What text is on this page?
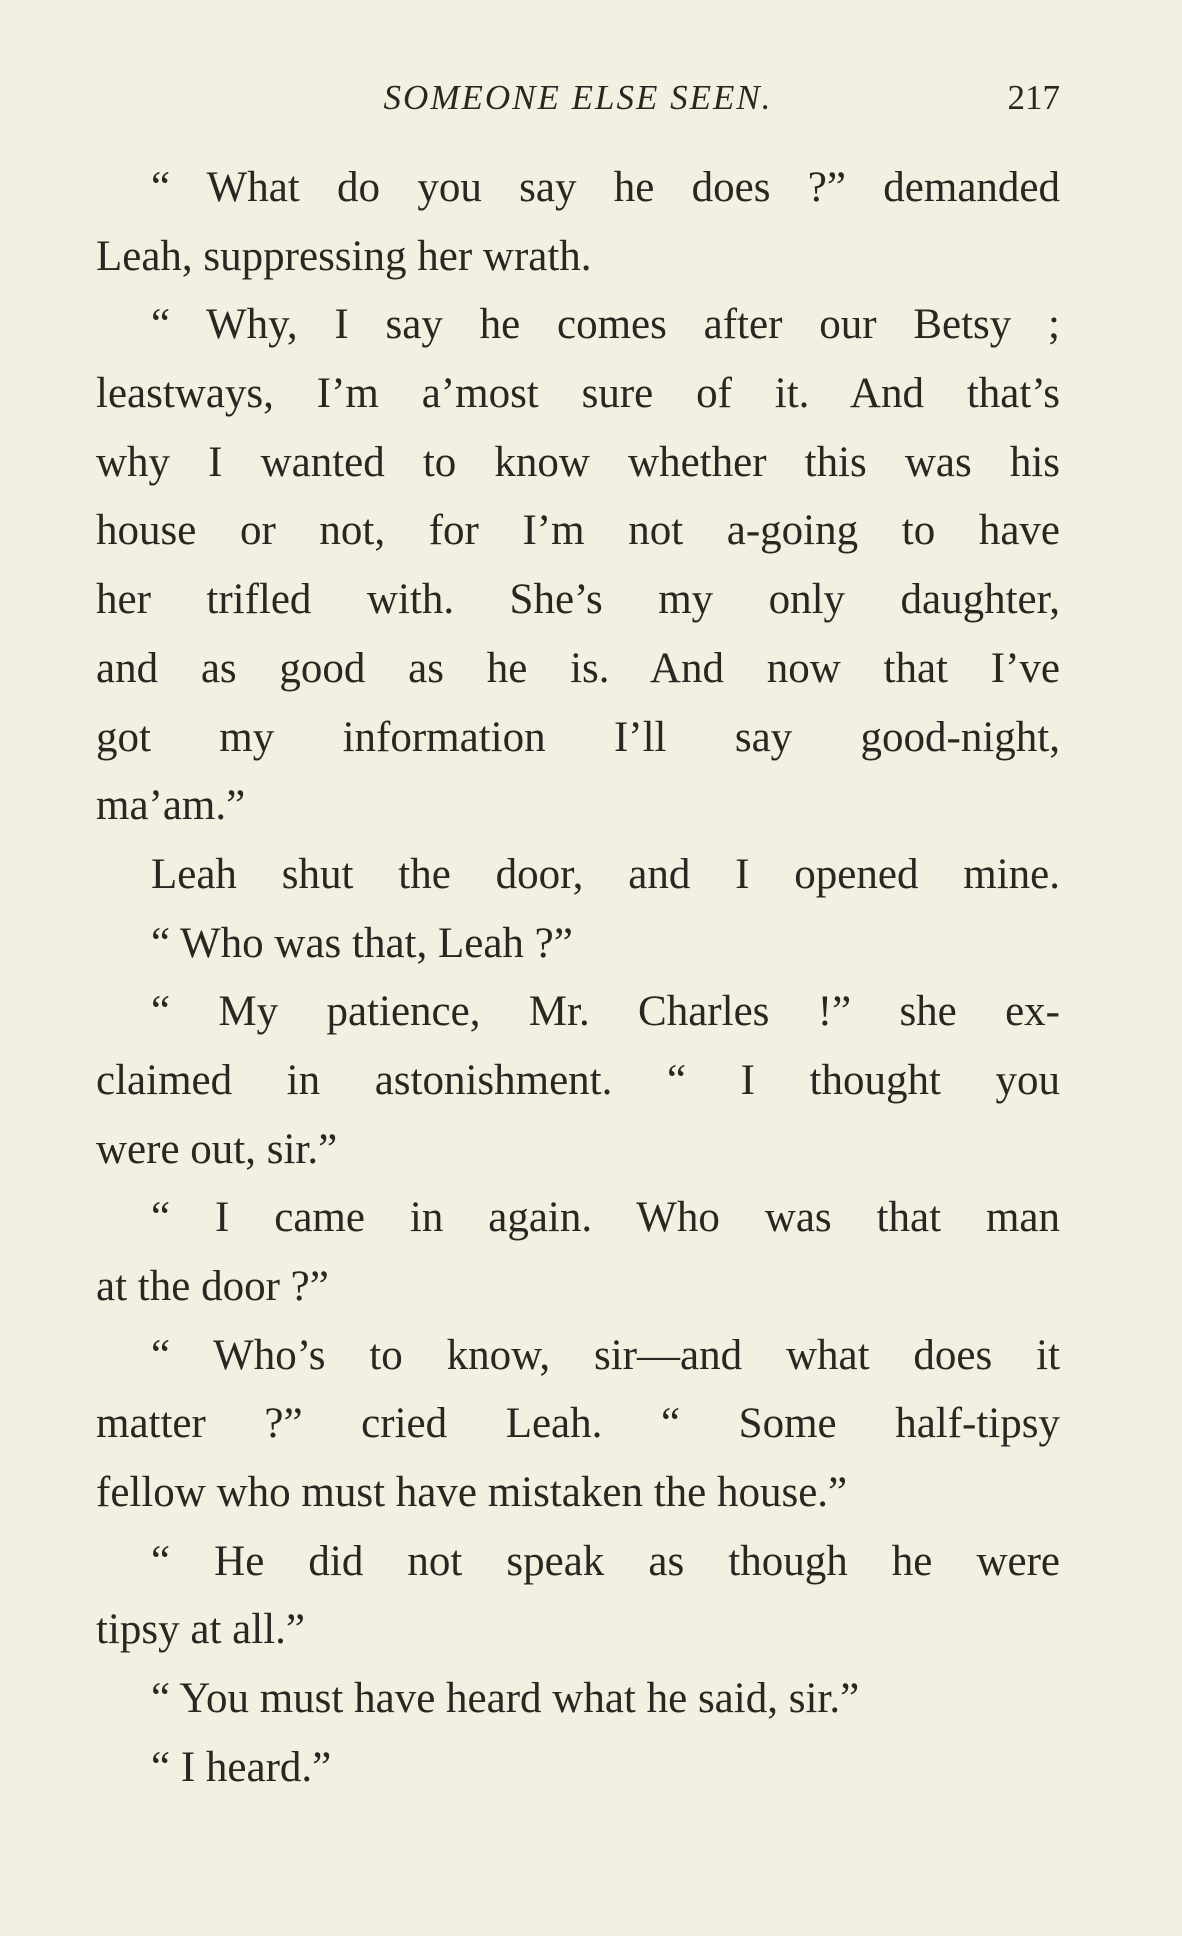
SOMEONE ELSE SEEN.	217
“ What do you say he does ?” demanded
Leah, suppressing her wrath.
“ Why, I say he comes after our Betsy ;
leastways, I’m a’most sure of it. And that’s
why I wanted to know whether this was his
house or not, for I’m not a-going to have
her trifled with. She’s my only daughter,
and as good as he is. And now that I’ve
got my information I’ll say good-night,
ma’am.”
Leah shut the door, and I opened mine.
“ Who was that, Leah ?”
“ My patience, Mr. Charles !” she ex-
claimed in astonishment. “ I thought you
were out, sir.”
“ I came in again. Who was that man
at the door ?”
“ Who’s to know, sir—and what does it
matter ?” cried Leah. “ Some half-tipsy
fellow who must have mistaken the house.”
“ He did not speak as though he were
tipsy at all.”
“ You must have heard what he said, sir.”
“ I heard.”
